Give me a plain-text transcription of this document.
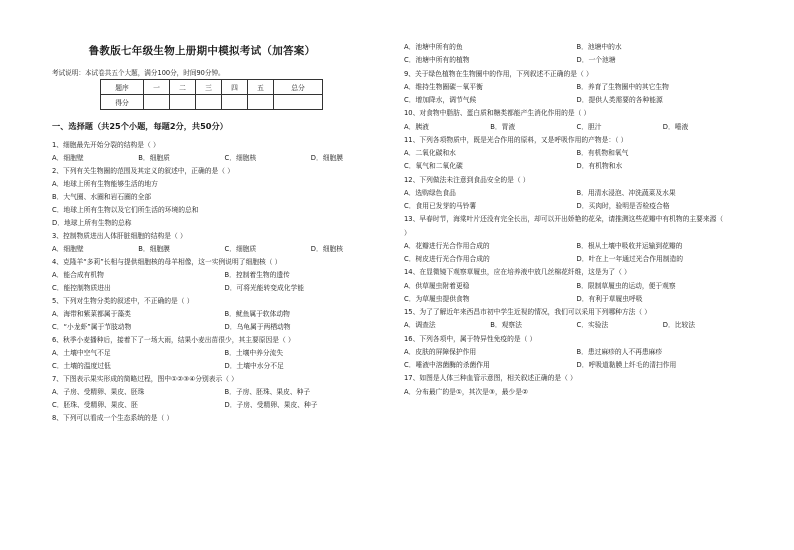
鲁教版七年级生物上册期中模拟考试（加答案）
考试说明：本试卷共五个大题，满分100分，时间90分钟。
题序	一	二	三	四	五	总分
得分						
一、选择题（共25个小题，每题2分，共50分）
1、细胞最先开始分裂的结构是（ ）
A．细胞壁	B．细胞质	C．细胞核	D．细胞膜
2、下列有关生物圈的范围及其定义的叙述中，正确的是（ ）
A．地球上所有生物能够生活的地方
B．大气圈、水圈和岩石圈的全部
C．地球上所有生物以及它们所生活的环境的总和
D．地球上所有生物的总称
3、控制物质进出人体肝脏细胞的结构是（ ）
A．细胞壁	B．细胞膜	C．细胞质	D．细胞核
4、克隆羊“多莉”长相与提供细胞核的母羊相像，这一实例说明了细胞核（ ）
A．能合成有机物	B．控制着生物的遗传
C．能控制物质进出	D．可将光能转变成化学能
5、下列对生物分类的叙述中，不正确的是（ ）
A．海带和紫菜都属于藻类	B．鱿鱼属于软体动物
C．“小龙虾”属于节肢动物	D．乌龟属于两栖动物
6、秋季小麦播种后，接着下了一场大雨，结果小麦出苗很少，其主要原因是（ ）
A．土壤中空气不足	B．土壤中养分流失
C．土壤的温度过低	D．土壤中水分不足
7、下图表示果实形成的简略过程，图中①②③④分别表示（ ）
A．子房、受精卵、果皮、胚珠	B．子房、胚珠、果皮、种子
C．胚珠、受精卵、果皮、胚	D．子房、受精卵、果皮、种子
8、下列可以看成一个生态系统的是（ ）
A．池塘中所有的鱼	B．池塘中的水
C．池塘中所有的植物	D．一个池塘
9、关于绿色植物在生物圈中的作用，下列叙述不正确的是（ ）
A．维持生物圈碳－氧平衡	B．养育了生物圈中的其它生物
C．增加降水，调节气候	D．提供人类需要的各种能源
10、对食物中脂肪、蛋白质和糖类都能产生消化作用的是（ ）
A．胰液	B．胃液	C．胆汁	D．唾液
11、下列各项物质中，既是光合作用的原料，又是呼吸作用的产物是：（ ）
A．二氧化碳和水	B．有机物和氧气
C．氧气和二氧化碳	D．有机物和水
12、下列做法未注意到食品安全的是（ ）
A．选购绿色食品	B．用清水浸泡、冲洗蔬菜及水果
C．食用已发芽的马铃薯	D．买肉时，验明是否检疫合格
13、早春时节，海棠叶片还没有完全长出，却可以开出娇艳的花朵，请推测这些花瓣中有机物的主要来源（
）
A．花瓣进行光合作用合成的	B．根从土壤中吸收并运输到花瓣的
C．树皮进行光合作用合成的	D．叶在上一年通过光合作用制造的
14、在显微镜下观察草履虫，应在培养液中放几丝棉花纤维，这是为了（ ）
A．供草履虫附着更稳	B．限制草履虫的运动，便于观察
C．为草履虫提供食物	D．有利于草履虫呼吸
15、为了了解近年来西昌市初中学生近视的情况，我们可以采用下列哪种方法（ ）
A．调查法	B．观察法	C．实验法	D．比较法
16、下列各项中，属于特异性免疫的是（ ）
A．皮肤的屏障保护作用	B．患过麻疹的人不再患麻疹
C．唾液中溶菌酶的杀菌作用	D．呼吸道黏膜上纤毛的清扫作用
17、如图是人体三种血管示意图，相关叙述正确的是（ ）
A．分布最广的是①，其次是③，最少是②
